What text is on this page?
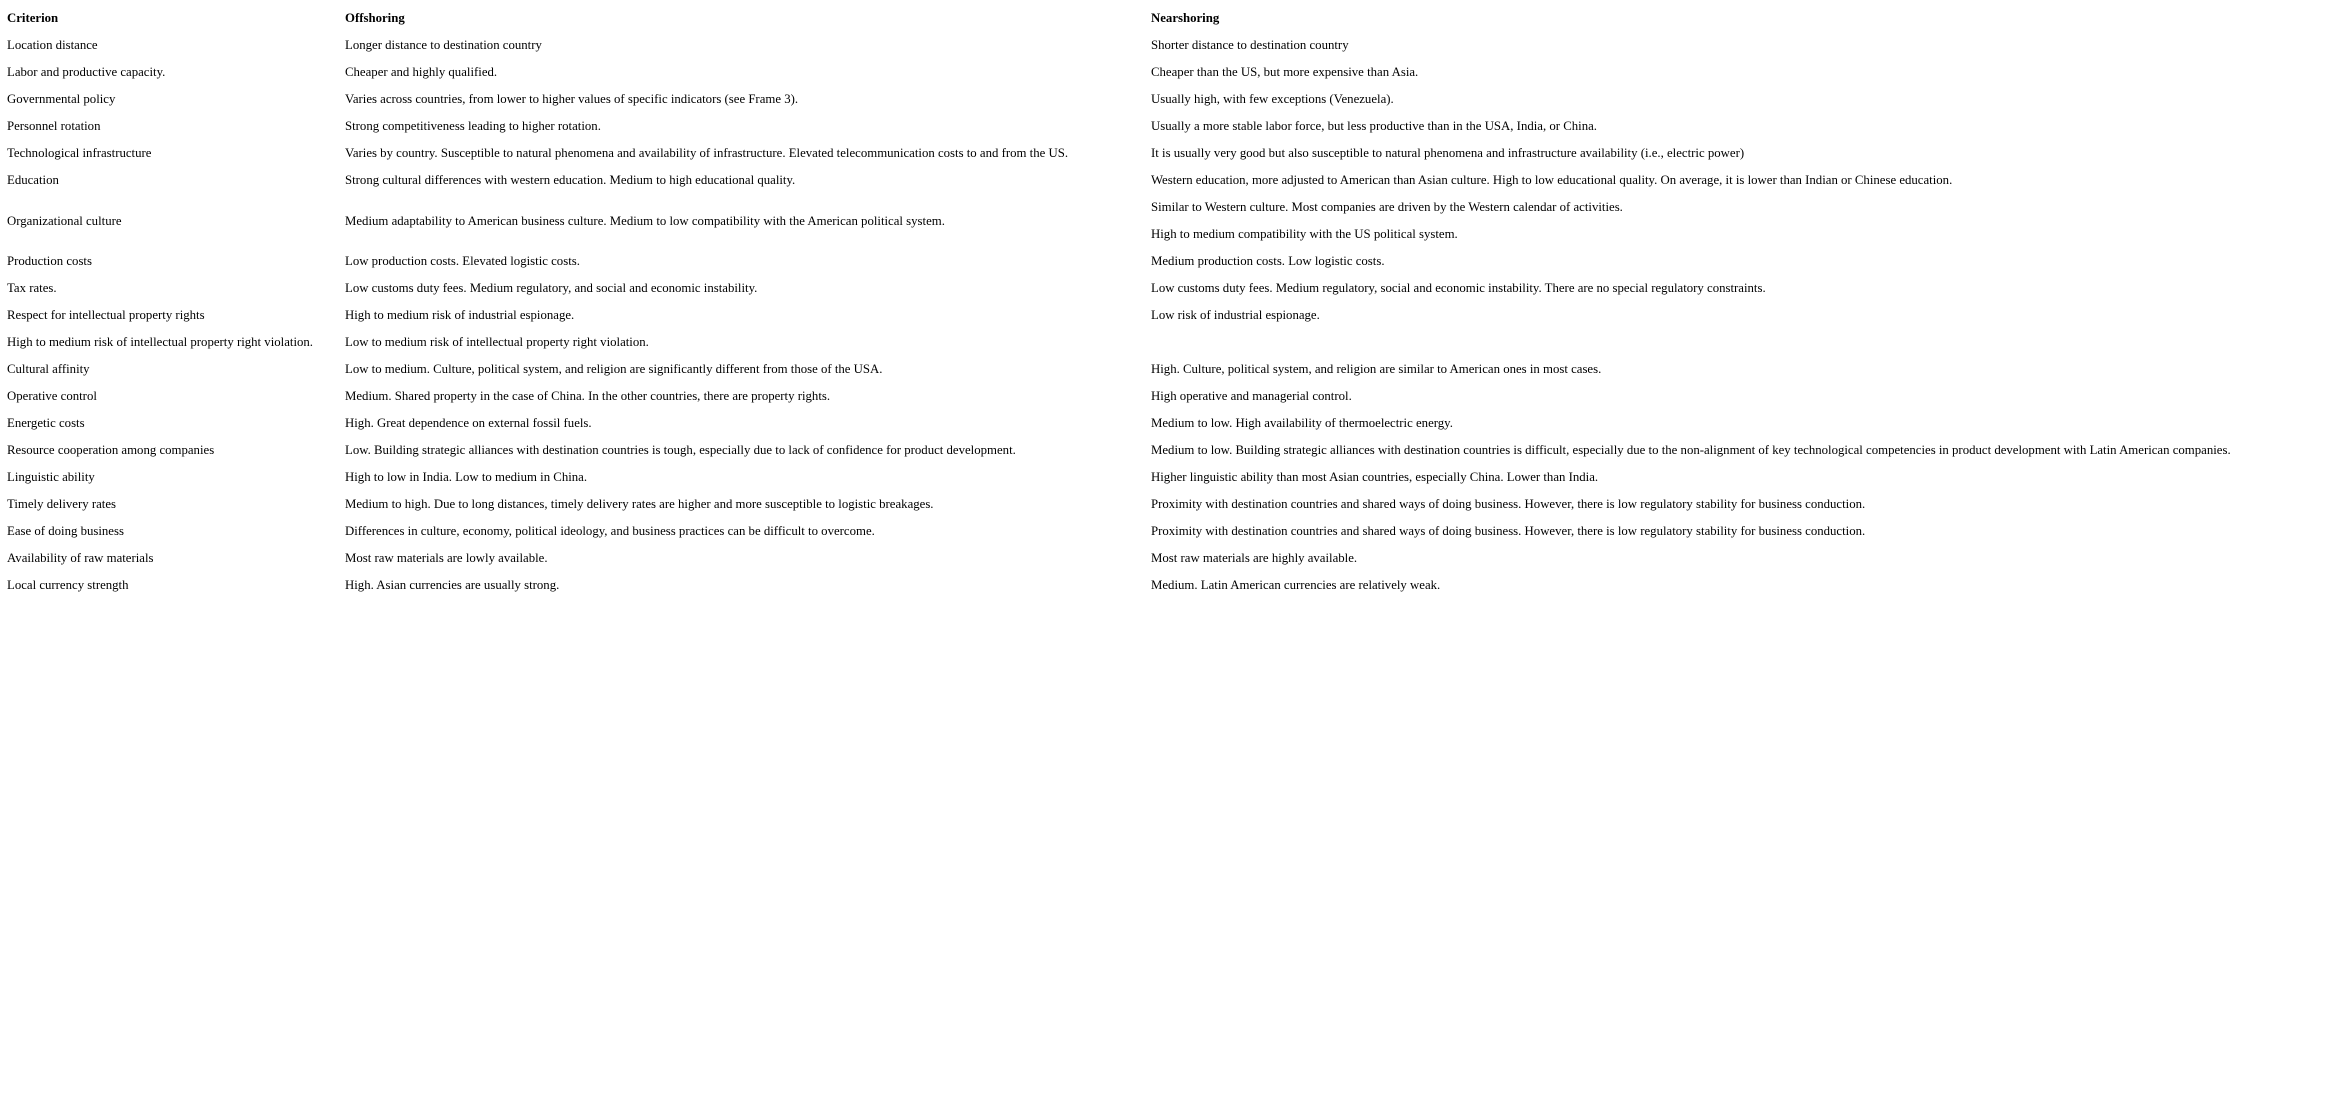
Criterion	Offshoring	Nearshoring
Location distance	Longer distance to destination country	Shorter distance to destination country

Labor and productive capacity.	Cheaper and highly qualified.	Cheaper than the US, but more expensive than Asia.

Governmental policy	Varies across countries, from lower to higher values of specific indicators (see Frame 3).	Usually high, with few exceptions (Venezuela).

Personnel rotation	Strong competitiveness leading to higher rotation.	Usually a more stable labor force, but less productive than in the USA, India, or China.

Technological infrastructure	Varies by country. Susceptible to natural phenomena and availability of infrastructure. Elevated telecommunication costs to and from the US.	It is usually very good but also susceptible to natural phenomena and infrastructure availability (i.e., electric power)

Education	Strong cultural differences with western education. Medium to high educational quality.	Western education, more adjusted to American than Asian culture. High to low educational quality. On average, it is lower than Indian or Chinese education.

Organizational culture	Medium adaptability to American business culture. Medium to low compatibility with the American political system.	Similar to Western culture. Most companies are driven by the Western calendar of activities.
High to medium compatibility with the US political system.

Production costs	Low production costs. Elevated logistic costs.	Medium production costs. Low logistic costs.

Tax rates.	Low customs duty fees. Medium regulatory, and social and economic instability.	Low customs duty fees. Medium regulatory, social and economic instability. There are no special regulatory constraints.

Respect for intellectual property rights	High to medium risk of industrial espionage.	Low risk of industrial espionage.

High to medium risk of intellectual property right violation.	Low to medium risk of intellectual property right violation.	

Cultural affinity	Low to medium. Culture, political system, and religion are significantly different from those of the USA.	High. Culture, political system, and religion are similar to American ones in most cases.

Operative control	Medium. Shared property in the case of China. In the other countries, there are property rights.	High operative and managerial control.

Energetic costs	High. Great dependence on external fossil fuels.	Medium to low. High availability of thermoelectric energy.

Resource cooperation among companies	Low. Building strategic alliances with destination countries is tough, especially due to lack of confidence for product development.	Medium to low. Building strategic alliances with destination countries is difficult, especially due to the non-alignment of key technological competencies in product development with Latin American companies.

Linguistic ability	High to low in India. Low to medium in China.	Higher linguistic ability than most Asian countries, especially China. Lower than India.

Timely delivery rates	Medium to high. Due to long distances, timely delivery rates are higher and more susceptible to logistic breakages.	Proximity with destination countries and shared ways of doing business. However, there is low regulatory stability for business conduction.

Ease of doing business	Differences in culture, economy, political ideology, and business practices can be difficult to overcome.	Proximity with destination countries and shared ways of doing business. However, there is low regulatory stability for business conduction.

Availability of raw materials	Most raw materials are lowly available.	Most raw materials are highly available.

Local currency strength	High. Asian currencies are usually strong.	Medium. Latin American currencies are relatively weak.
